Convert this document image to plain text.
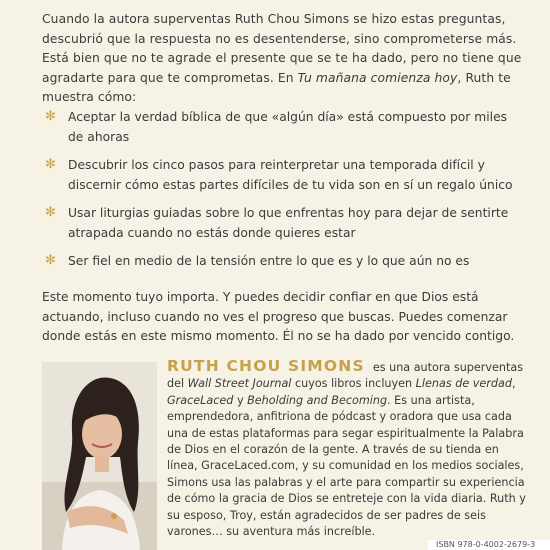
Cuando la autora superventas Ruth Chou Simons se hizo estas preguntas, descubrió que la respuesta no es desentenderse, sino comprometerse más. Está bien que no te agrade el presente que se te ha dado, pero no tiene que agradarte para que te comprometas. En Tu mañana comienza hoy, Ruth te muestra cómo:

✻ Aceptar la verdad bíblica de que «algún día» está compuesto por miles de ahoras
✻ Descubrir los cinco pasos para reinterpretar una temporada difícil y discernir cómo estas partes difíciles de tu vida son en sí un regalo único
✻ Usar liturgias guiadas sobre lo que enfrentas hoy para dejar de sentirte atrapada cuando no estás donde quieres estar
✻ Ser fiel en medio de la tensión entre lo que es y lo que aún no es

Este momento tuyo importa. Y puedes decidir confiar en que Dios está actuando, incluso cuando no ves el progreso que buscas. Puedes comenzar donde estás en este mismo momento. Él no se ha dado por vencido contigo.

RUTH CHOU SIMONS es una autora superventas del Wall Street Journal cuyos libros incluyen Llenas de verdad, GraceLaced y Beholding and Becoming. Es una artista, emprendedora, anfitriona de pódcast y oradora que usa cada una de estas plataformas para segar espiritualmente la Palabra de Dios en el corazón de la gente. A través de su tienda en línea, GraceLaced.com, y su comunidad en los medios sociales, Simons usa las palabras y el arte para compartir su experiencia de cómo la gracia de Dios se entreteje con la vida diaria. Ruth y su esposo, Troy, están agradecidos de ser padres de seis varones… su aventura más increíble.

ISBN 978-0-4002-2679-3
